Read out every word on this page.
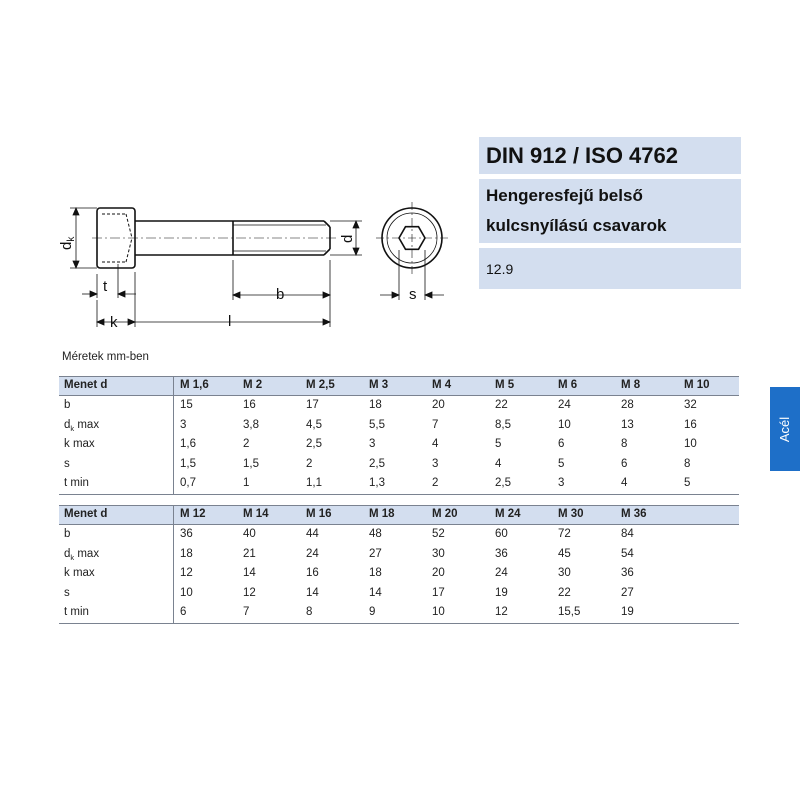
$d_k$	d
t
k
b
l
s
DIN 912 / ISO 4762
Hengeresfejű belső
kulcsnyílású csavarok
12.9
Acél
Méretek mm-ben
Menet d	M 1,6	M 2	M 2,5	M 3	M 4	M 5	M 6	M 8	M 10
b	15	16	17	18	20	22	24	28	32
$d_k$ max	3	3,8	4,5	5,5	7	8,5	10	13	16
k max	1,6	2	2,5	3	4	5	6	8	10
s	1,5	1,5	2	2,5	3	4	5	6	8
t min	0,7	1	1,1	1,3	2	2,5	3	4	5
Menet d	M 12	M 14	M 16	M 18	M 20	M 24	M 30	M 36
b	36	40	44	48	52	60	72	84
$d_k$ max	18	21	24	27	30	36	45	54
k max	12	14	16	18	20	24	30	36
s	10	12	14	14	17	19	22	27
t min	6	7	8	9	10	12	15,5	19
